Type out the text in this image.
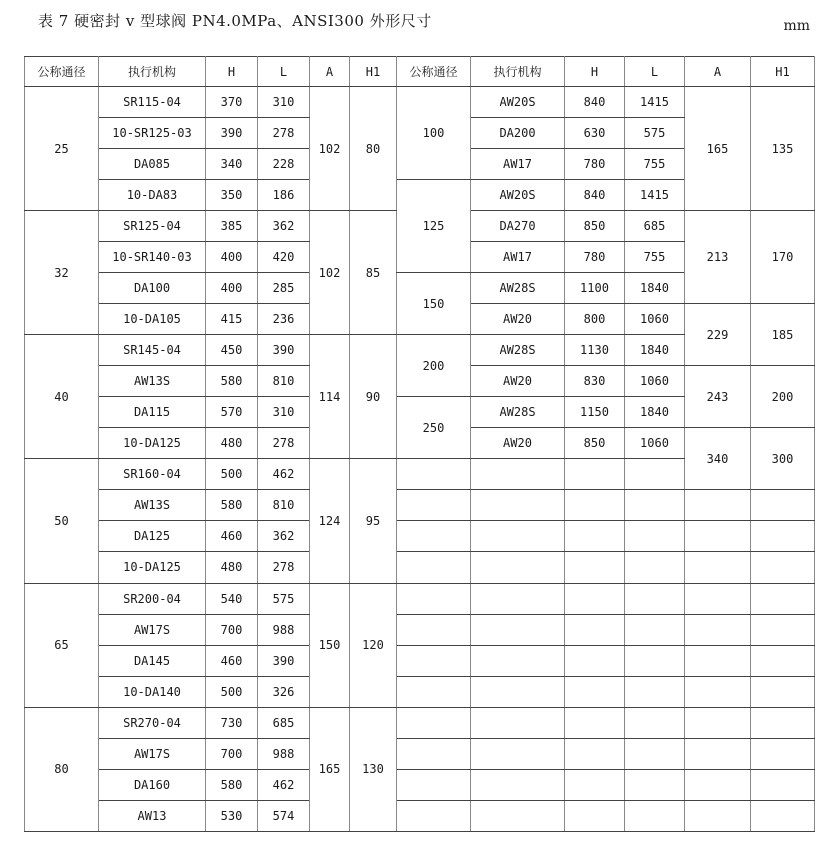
表 7 硬密封 v 型球阀 PN4.0MPa、ANSI300 外形尺寸	mm
公称通径	执行机构	H	L	A	H1	公称通径	执行机构	H	L	A	H1
25	SR115-04	370	310	102	80	100	AW20S	840	1415	165	135
	10-SR125-03	390	278				DA200	630	575		
	DA085	340	228				AW17	780	755		
	10-DA83	350	186			125	AW20S	840	1415		
32	SR125-04	385	362	102	85		DA270	850	685	213	170
	10-SR140-03	400	420				AW17	780	755		
	DA100	400	285			150	AW28S	1100	1840		
	10-DA105	415	236				AW20	800	1060	229	185
40	SR145-04	450	390	114	90	200	AW28S	1130	1840		
	AW13S	580	810				AW20	830	1060	243	200
	DA115	570	310			250	AW28S	1150	1840		
	10-DA125	480	278				AW20	850	1060	340	300
50	SR160-04	500	462	124	95						
	AW13S	580	810								
	DA125	460	362								
	10-DA125	480	278								
65	SR200-04	540	575	150	120						
	AW17S	700	988								
	DA145	460	390								
	10-DA140	500	326								
80	SR270-04	730	685	165	130						
	AW17S	700	988								
	DA160	580	462								
	AW13	530	574								
